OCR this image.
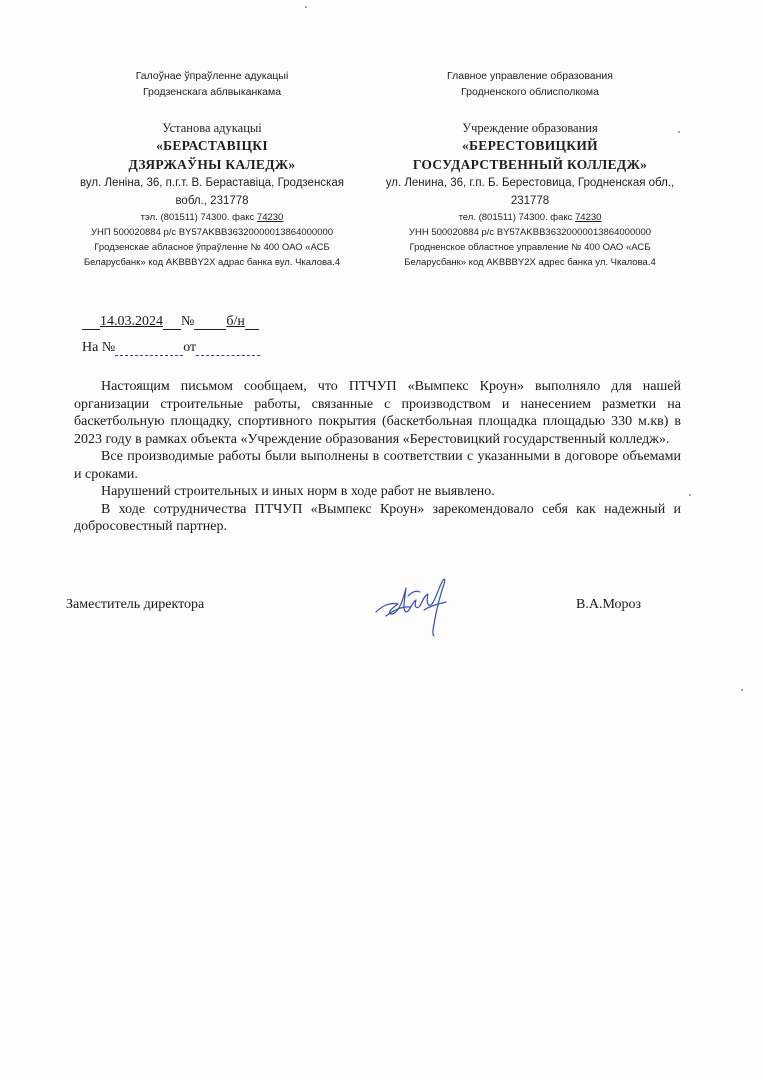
Галоўнае ўпраўленне адукацыі
Гродзенскага аблвыканкама
Установа адукацыі
«БЕРАСТАВІЦКІ
ДЗЯРЖАЎНЫ КАЛЕДЖ»
вул. Леніна, 36, п.г.т. В. Бераставіца, Гродзенская
вобл., 231778
тэл. (801511) 74300. факс 74230
УНП 500020884 р/с BY57AKBB36320000013864000000
Гродзенскае абласное ўпраўленне № 400 ОАО «АСБ
Беларусбанк» код AKBBBY2X адрас банка вул. Чкалова.4
Главное управление образования
Гродненского облисполкома
Учреждение образования
«БЕРЕСТОВИЦКИЙ
ГОСУДАРСТВЕННЫЙ КОЛЛЕДЖ»
ул. Ленина, 36, г.п. Б. Берестовица, Гродненская обл.,
231778
тел. (801511) 74300. факс 74230
УНН 500020884 р/с BY57AKBB36320000013864000000
Гродненское областное управление № 400 ОАО «АСБ
Беларусбанк» код AKBBBY2X адрес банка ул. Чкалова.4
14.03.2024 № б/н
На №	от

Настоящим письмом сообщаем, что ПТЧУП «Вымпекс Кроун» выполняло для нашей организации строительные работы, связанные с производством и нанесением разметки на баскетбольную площадку, спортивного покрытия (баскетбольная площадка площадью 330 м.кв) в 2023 году в рамках объекта «Учреждение образования «Берестовицкий государственный колледж».

Все производимые работы были выполнены в соответствии с указанными в договоре объемами и сроками.

Нарушений строительных и иных норм в ходе работ не выявлено.

В ходе сотрудничества ПТЧУП «Вымпекс Кроун» зарекомендовало себя как надежный и добросовестный партнер.

Заместитель директора	В.А.Мороз
